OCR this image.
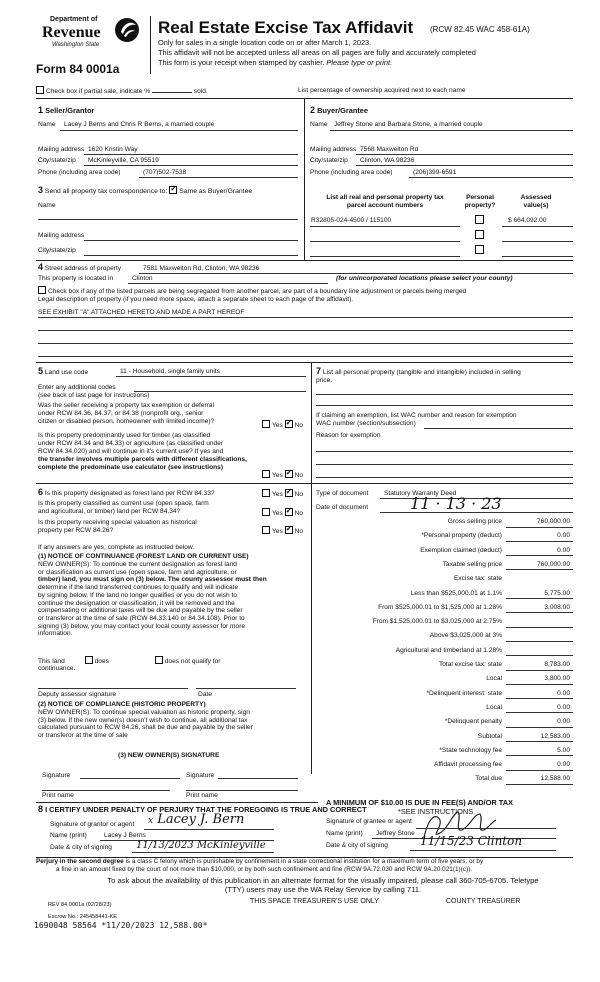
Department of
Revenue
Washington State
Form 84 0001a
Real Estate Excise Tax Affidavit (RCW 82.45 WAC 458-61A)
Only for sales in a single location code on or after March 1, 2023.
This affidavit will not be accepted unless all areas on all pages are fully and accurately completed
This form is your receipt when stamped by cashier. Please type or print.
Check box if partial sale, indicate %	sold.	List percentage of ownership acquired next to each name
1 Seller/Grantor
Name Lacey J Berns and Chris R Berns, a married couple
Mailing address 1620 Kristin Way
City/state/zip McKinleyville, CA 95519
Phone (including area code)	(707)502-7538
2 Buyer/Grantee
Name Jeffrey Stone and Barbara Stone, a married couple
Mailing address 7568 Maxwelton Rd
City/state/zip Clinton, WA 98236
Phone (including area code)	(206)399-6591
3 Send all property tax correspondence to: ✓ Same as Buyer/Grantee
Name
Mailing address
City/state/zip
List all real and personal property tax
parcel account numbers
Personal
property?
Assessed
value(s)
R32805-024-4500 / 115100	$ 664,092.00
4 Street address of property	7581 Maxwelton Rd, Clinton, WA 98236
This property is located in	Clinton	(for unincorporated locations please select your county)
Check box if any of the listed parcels are being segregated from another parcel, are part of a boundary line adjustment or parcels being merged
Legal description of property (if you need more space, attach a separate sheet to each page of the affidavit).
SEE EXHIBIT "A" ATTACHED HERETO AND MADE A PART HEREOF
5 Land use code	11 - Household, single family units
Enter any additional codes
(see back of last page for instructions)
Was the seller receiving a property tax exemption or deferral
under RCW 84.36, 84.37, or 84.38 (nonprofit org., senior
citizen or disabled person, homeowner with limited income)?
Yes ✓ No
Is this property predominantly used for timber (as classified
under RCW 84.34 and 84.33) or agriculture (as classified under
RCW 84.34.020) and will continue in it's current use? If yes and
the transfer involves multiple parcels with different classifications,
complete the predominate use calculator (see instructions)
Yes ✓ No
7 List all personal property (tangible and intangible) included in selling
price.
If claiming an exemption, list WAC number and reason for exemption
WAC number (section/subsection)
Reason for exemption
6 Is this property designated as forest land per RCW 84.33?	Yes ✓ No
Is this property classified as current use (open space, farm
and agricultural, or timber) land per RCW 84.34?	Yes ✓ No
Is this property receiving special valuation as historical
property per RCW 84.26?	Yes ✓ No
If any answers are yes, complete as instructed below.
(1) NOTICE OF CONTINUANCE (FOREST LAND OR CURRENT USE)
NEW OWNER(S): To continue the current designation as forest land
or classification as current use (open space, farm and agriculture, or
timber) land, you must sign on (3) below. The county assessor must then
determine if the land transferred continues to qualify and will indicate
by signing below. If the land no longer qualifies or you do not wish to
continue the designation or classification, it will be removed and the
compensating or additional taxes will be due and payable by the seller
or transferor at the time of sale (RCW 84.33.140 or 84.34.108). Prior to
signing (3) below, you may contact your local county assessor for more
information.
This land	does	does not qualify for
continuance.
Deputy assessor signature	Date
(2) NOTICE OF COMPLIANCE (HISTORIC PROPERTY)
NEW OWNER(S): To continue special valuation as historic property, sign
(3) below. If the new owner(s) doesn't wish to continue, all additional tax
calculated pursuant to RCW 84.26, shall be due and payable by the seller
or transferor at the time of sale
(3) NEW OWNER(S) SIGNATURE
Signature	Signature
Print name	Print name
Type of document Statutory Warranty Deed
Date of document	11 · 13 · 23
Gross selling price	760,000.00
*Personal property (deduct)	0.00
Exemption claimed (deduct)	0.00
Taxable selling price	760,000.00
Excise tax: state
Less than $525,000.01 at 1.1%	5,775.00
From $525,000.01 to $1,525,000 at 1.28%	3,008.00
From $1,525,000.01 to $3,025,000 at 2.75%
Above $3,025,000 at 3%
Agricultural and timberland at 1.28%
Total excise tax: state	8,783.00
Local	3,800.00
*Delinquent interest: state	0.00
Local	0.00
*Delinquent penalty	0.00
Subtotal	12,583.00
*State technology fee	5.00
Affidavit processing fee	0.00
Total due	12,588.00
A MINIMUM OF $10.00 IS DUE IN FEE(S) AND/OR TAX
*SEE INSTRUCTIONS
8 I CERTIFY UNDER PENALTY OF PERJURY THAT THE FOREGOING IS TRUE AND CORRECT
Signature of grantor or agent x Lacey J. Bern
Name (print)	Lacey J Berns
Date & city of signing 11/13/2023 McKinleyville
Signature of grantee or agent
Name (print) Jeffrey Stone
Date & city of signing	11/15/23 Clinton
Perjury in the second degree is a class C felony which is punishable by confinement in a state correctional institution for a maximum term of five years, or by
a fine in an amount fixed by the court of not more than $10,000, or by both such confinement and fine (RCW 9A.72.030 and RCW 9A.20.021(1)(c)).
To ask about the availability of this publication in an alternate format for the visually impaired, please call 360-705-6705. Teletype
(TTY) users may use the WA Relay Service by calling 711.
REV 84 0001a (02/28/23)	THIS SPACE TREASURER'S USE ONLY	COUNTY TREASURER
Escrow No.: 245458441-KE
1690048 58564 *11/20/2023 12,588.00*
